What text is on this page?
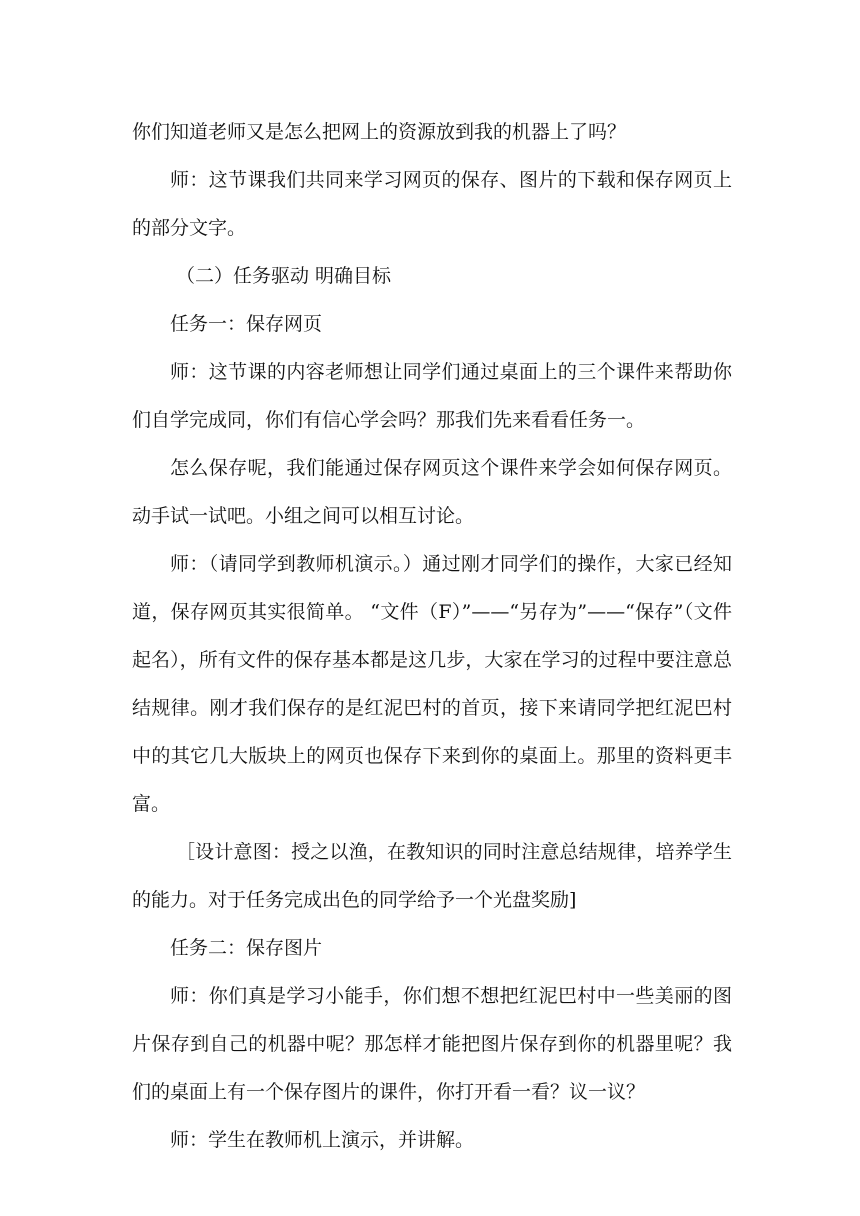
你们知道老师又是怎么把网上的资源放到我的机器上了吗？

师：这节课我们共同来学习网页的保存、图片的下载和保存网页上的部分文字。

（二）任务驱动 明确目标

任务一：保存网页

师：这节课的内容老师想让同学们通过桌面上的三个课件来帮助你们自学完成同，你们有信心学会吗？那我们先来看看任务一。

怎么保存呢，我们能通过保存网页这个课件来学会如何保存网页。动手试一试吧。小组之间可以相互讨论。

师：（请同学到教师机演示。）通过刚才同学们的操作，大家已经知道，保存网页其实很简单。 “文件（F）”——“另存为”——“保存”（文件起名），所有文件的保存基本都是这几步，大家在学习的过程中要注意总结规律。刚才我们保存的是红泥巴村的首页，接下来请同学把红泥巴村中的其它几大版块上的网页也保存下来到你的桌面上。那里的资料更丰富。

［设计意图：授之以渔，在教知识的同时注意总结规律，培养学生的能力。对于任务完成出色的同学给予一个光盘奖励]

任务二：保存图片

师：你们真是学习小能手，你们想不想把红泥巴村中一些美丽的图片保存到自己的机器中呢？那怎样才能把图片保存到你的机器里呢？我们的桌面上有一个保存图片的课件，你打开看一看？议一议？

师：学生在教师机上演示，并讲解。
